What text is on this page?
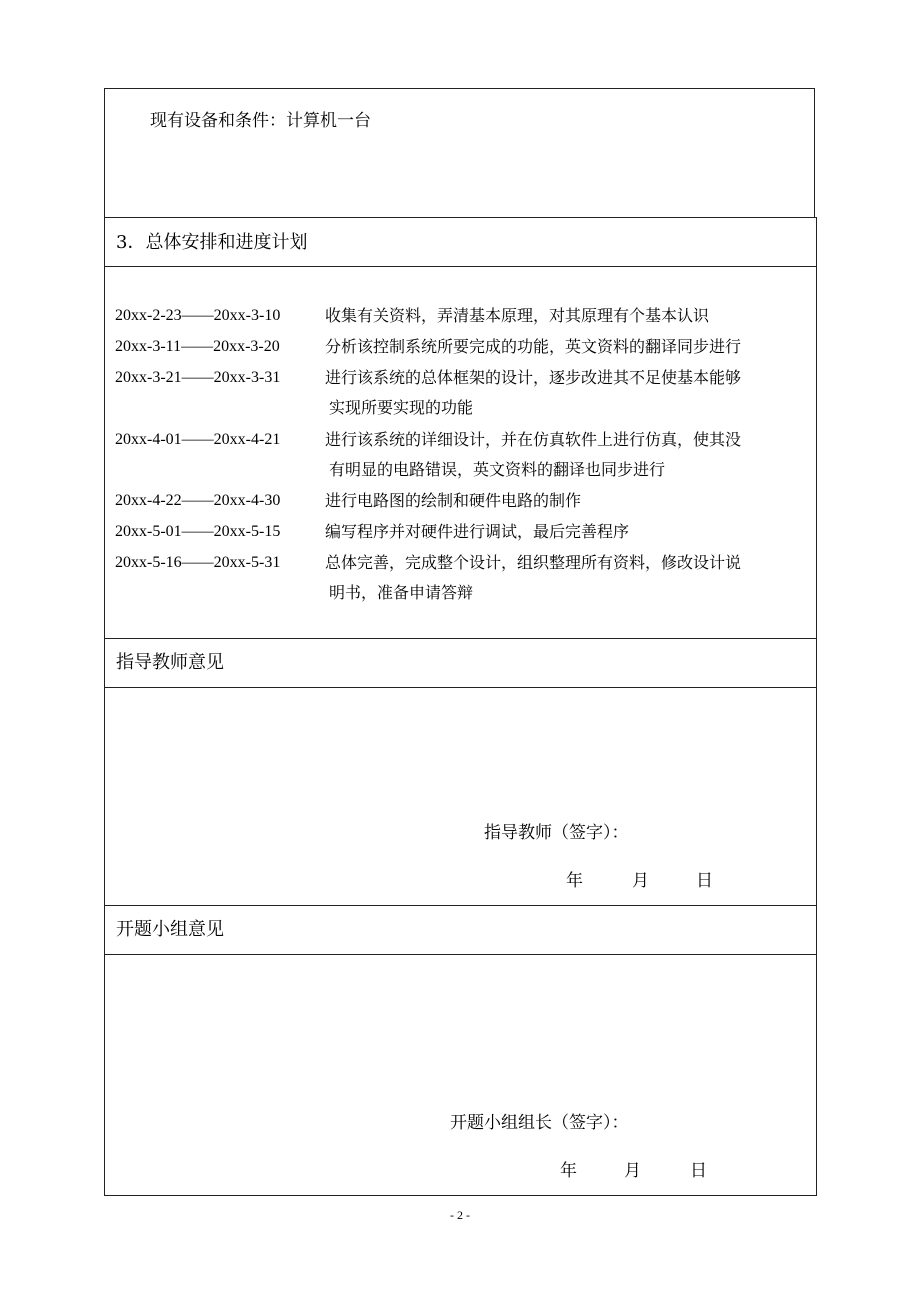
现有设备和条件：计算机一台
3．总体安排和进度计划
20xx-2-23——20xx-3-10	收集有关资料，弄清基本原理，对其原理有个基本认识
20xx-3-11——20xx-3-20	分析该控制系统所要完成的功能，英文资料的翻译同步进行
20xx-3-21——20xx-3-31	进行该系统的总体框架的设计，逐步改进其不足使基本能够
实现所要实现的功能
20xx-4-01——20xx-4-21	进行该系统的详细设计，并在仿真软件上进行仿真，使其没
有明显的电路错误，英文资料的翻译也同步进行
20xx-4-22——20xx-4-30	进行电路图的绘制和硬件电路的制作
20xx-5-01——20xx-5-15	编写程序并对硬件进行调试，最后完善程序
20xx-5-16——20xx-5-31	总体完善，完成整个设计，组织整理所有资料，修改设计说
明书，准备申请答辩
指导教师意见
指导教师（签字）：
年	月	日
开题小组意见
开题小组组长（签字）：
年	月	日
- 2 -
